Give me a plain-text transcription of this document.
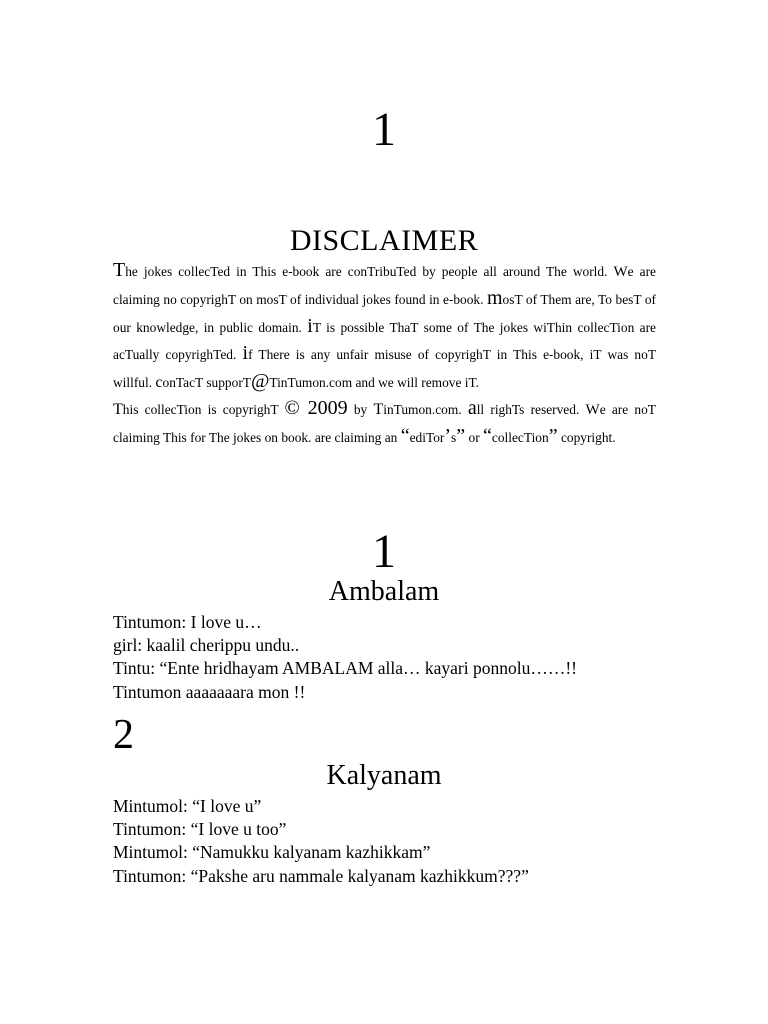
1
DISCLAIMER

The jokes collecTed in This e-book are conTribuTed by people all around The world. We are claiming no copyrighT on mosT of individual jokes found in e-book. mosT of Them are, To besT of our knowledge, in public domain. iT is possible ThaT some of The jokes wiThin collecTion are acTually copyrighTed. if There is any unfair misuse of copyrighT in This e-book, iT was noT willful. conTacT supporT@TinTumon.com and we will remove iT.

This collecTion is copyrighT © 2009 by TinTumon.com. all righTs reserved. We are noT claiming This for The jokes on book. are claiming an “ediTor’s” or “collecTion” copyright.

1
Ambalam
Tintumon: I love u…
girl: kaalil cherippu undu..
Tintu: “Ente hridhayam AMBALAM alla… kayari ponnolu……!!
Tintumon aaaaaaara mon !!
2
Kalyanam
Mintumol: “I love u”
Tintumon: “I love u too”
Mintumol: “Namukku kalyanam kazhikkam”
Tintumon: “Pakshe aru nammale kalyanam kazhikkum???”
